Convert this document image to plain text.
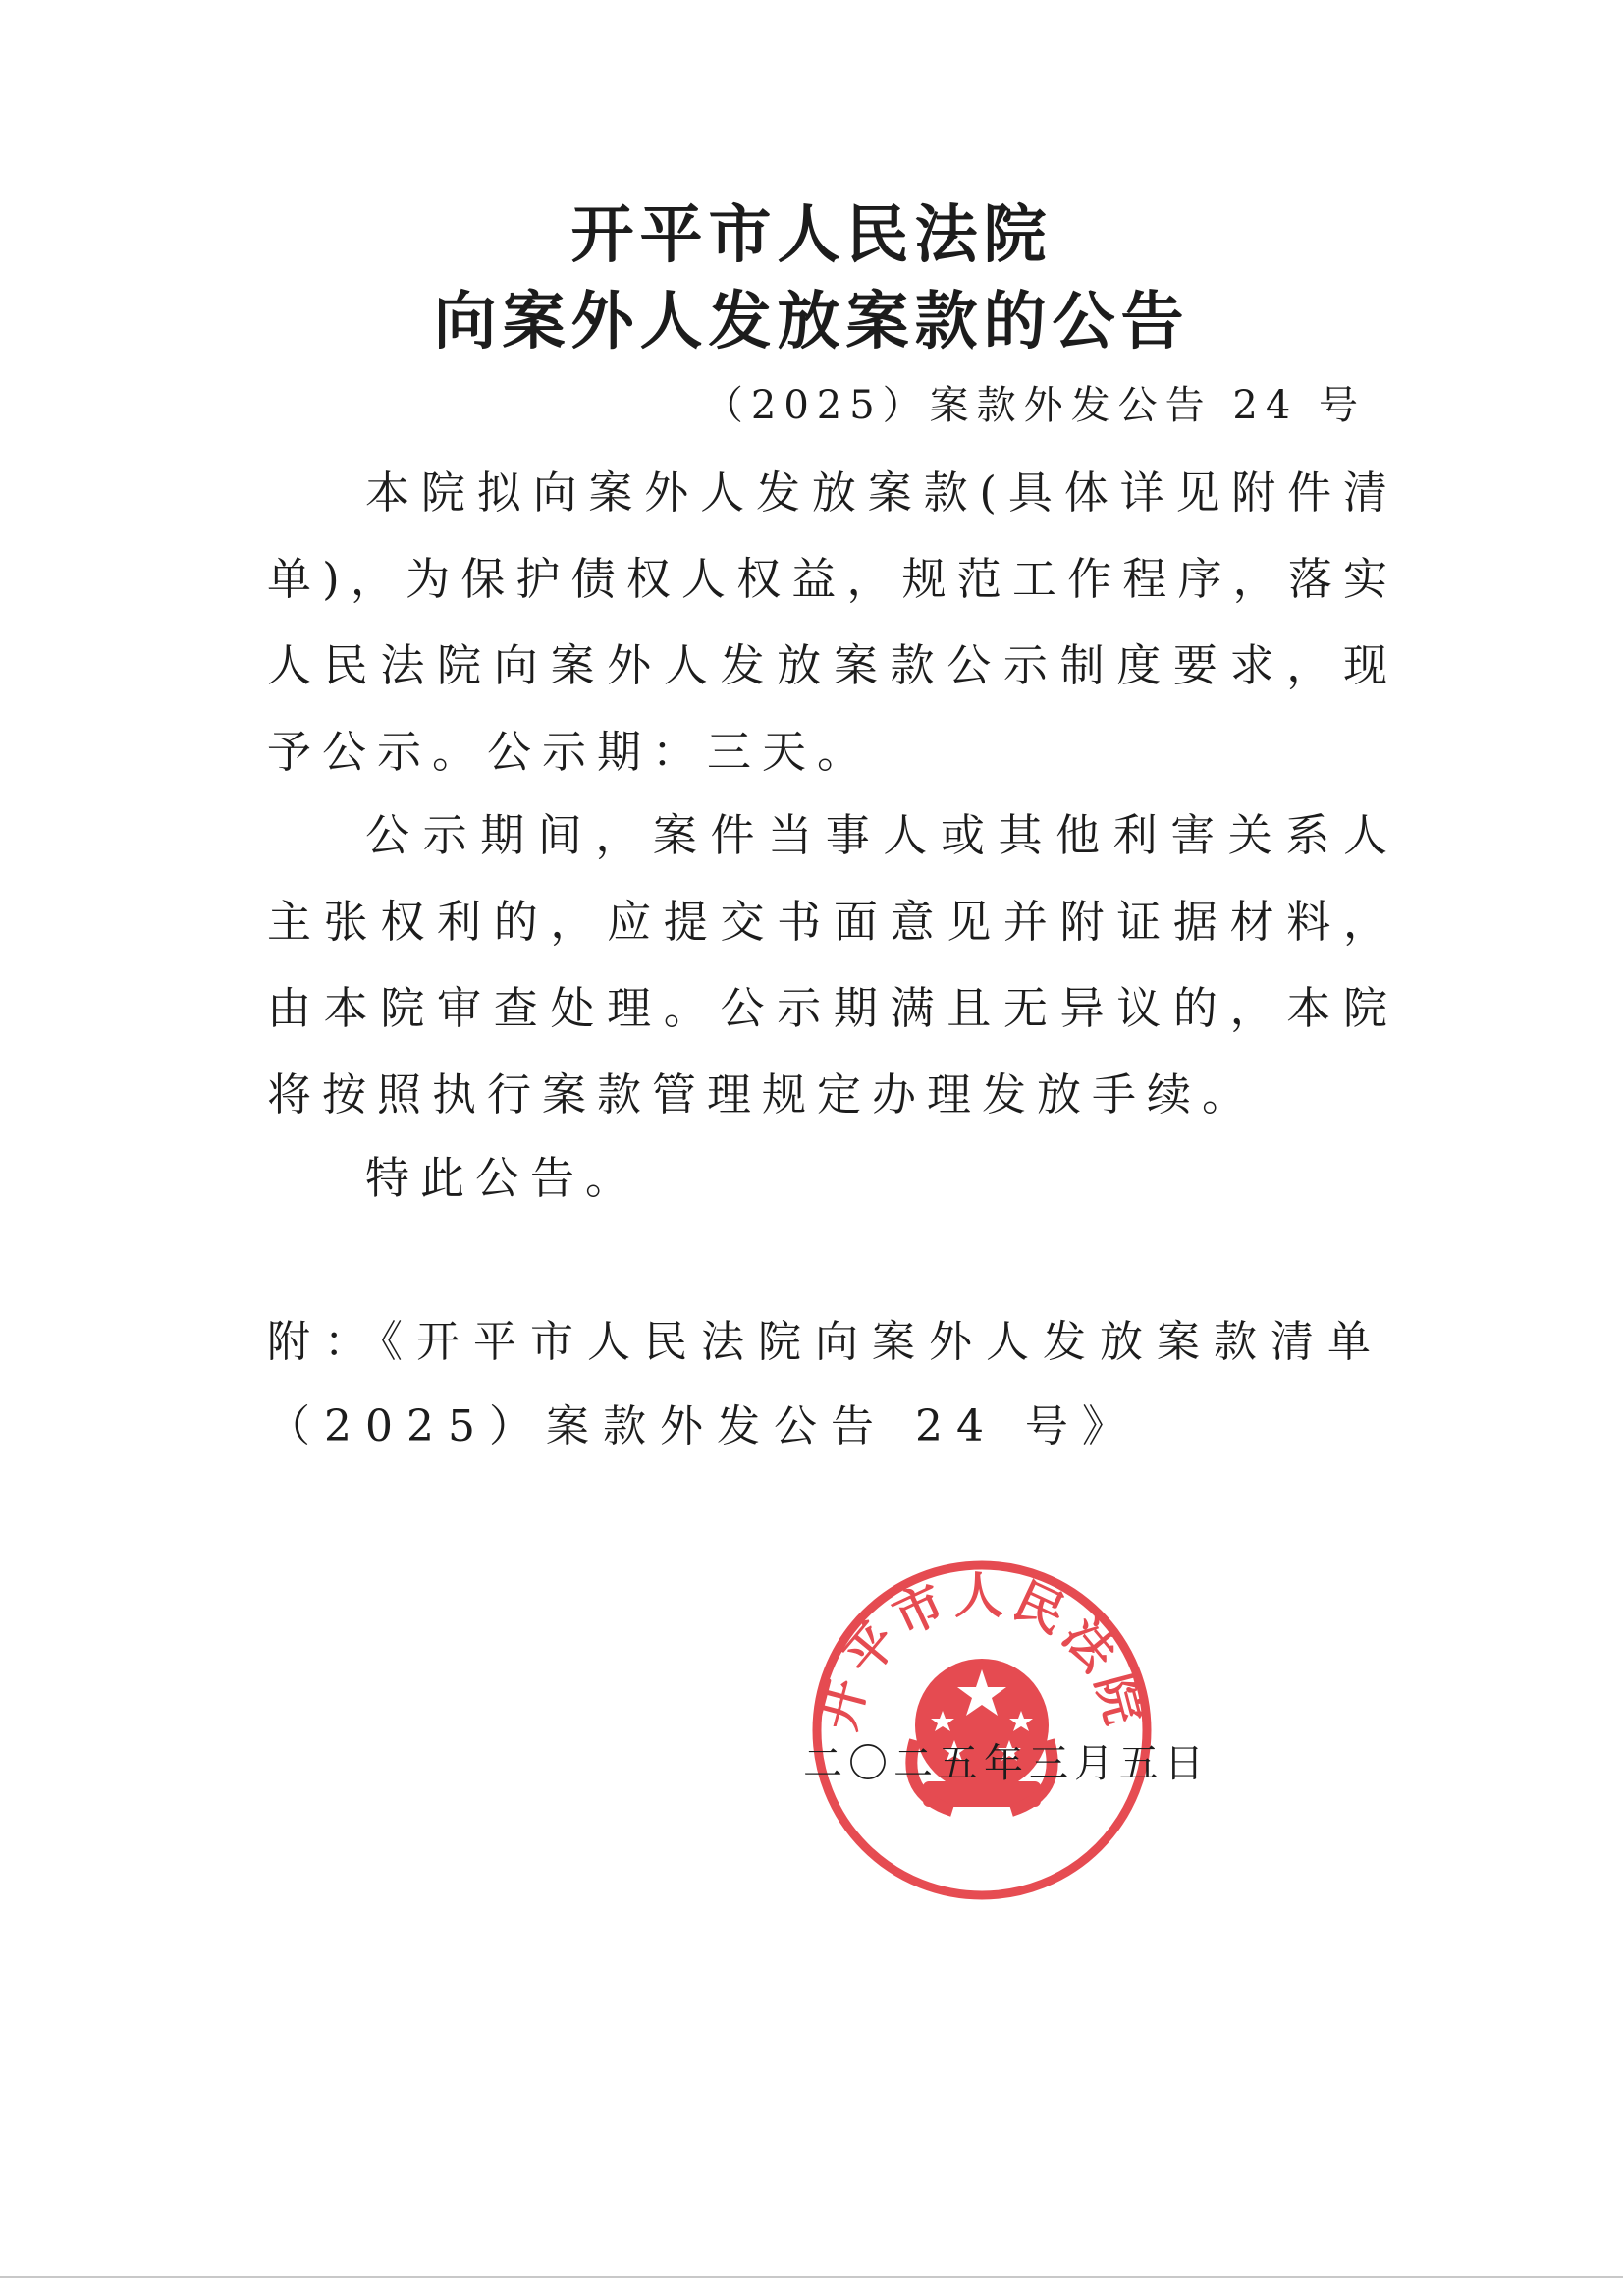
开平市人民法院
向案外人发放案款的公告
（2025）案款外发公告 24 号

本院拟向案外人发放案款(具体详见附件清单)，为保护债权人权益，规范工作程序，落实人民法院向案外人发放案款公示制度要求，现予公示。公示期：三天。

公示期间，案件当事人或其他利害关系人主张权利的，应提交书面意见并附证据材料，由本院审查处理。公示期满且无异议的，本院将按照执行案款管理规定办理发放手续。

特此公告。

附：《开平市人民法院向案外人发放案款清单（2025）案款外发公告 24 号》

开平市人民法院
二〇二五年三月五日
